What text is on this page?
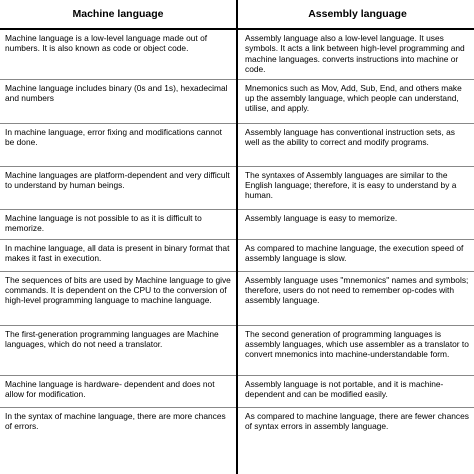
Machine language	Assembly language
Machine language is a low-level language made out of numbers. It is also known as code or object code.	Assembly language also a low-level language. It uses symbols. It acts a link between high-level programming and machine languages. converts instructions into machine or code.
Machine language includes binary (0s and 1s), hexadecimal and numbers	Mnemonics such as Mov, Add, Sub, End, and others make up the assembly language, which people can understand, utilise, and apply.
In machine language, error fixing and modifications cannot be done.	Assembly language has conventional instruction sets, as well as the ability to correct and modify programs.
Machine languages are platform-dependent and very difficult to understand by human beings.	The syntaxes of Assembly languages are similar to the English language; therefore, it is easy to understand by a human.
Machine language is not possible to as it is difficult to memorize.	Assembly language is easy to memorize.
In machine language, all data is present in binary format that makes it fast in execution.	As compared to machine language, the execution speed of assembly language is slow.
The sequences of bits are used by Machine language to give commands. It is dependent on the CPU to the conversion of high-level programming language to machine language.	Assembly language uses "mnemonics" names and symbols; therefore, users do not need to remember op-codes with assembly language.
The first-generation programming languages are Machine languages, which do not need a translator.	The second generation of programming languages is assembly languages, which use assembler as a translator to convert mnemonics into machine-understandable form.
Machine language is hardware- dependent and does not allow for modification.	Assembly language is not portable, and it is machine-dependent and can be modified easily.
In the syntax of machine language, there are more chances of errors.	As compared to machine language, there are fewer chances of syntax errors in assembly language.
